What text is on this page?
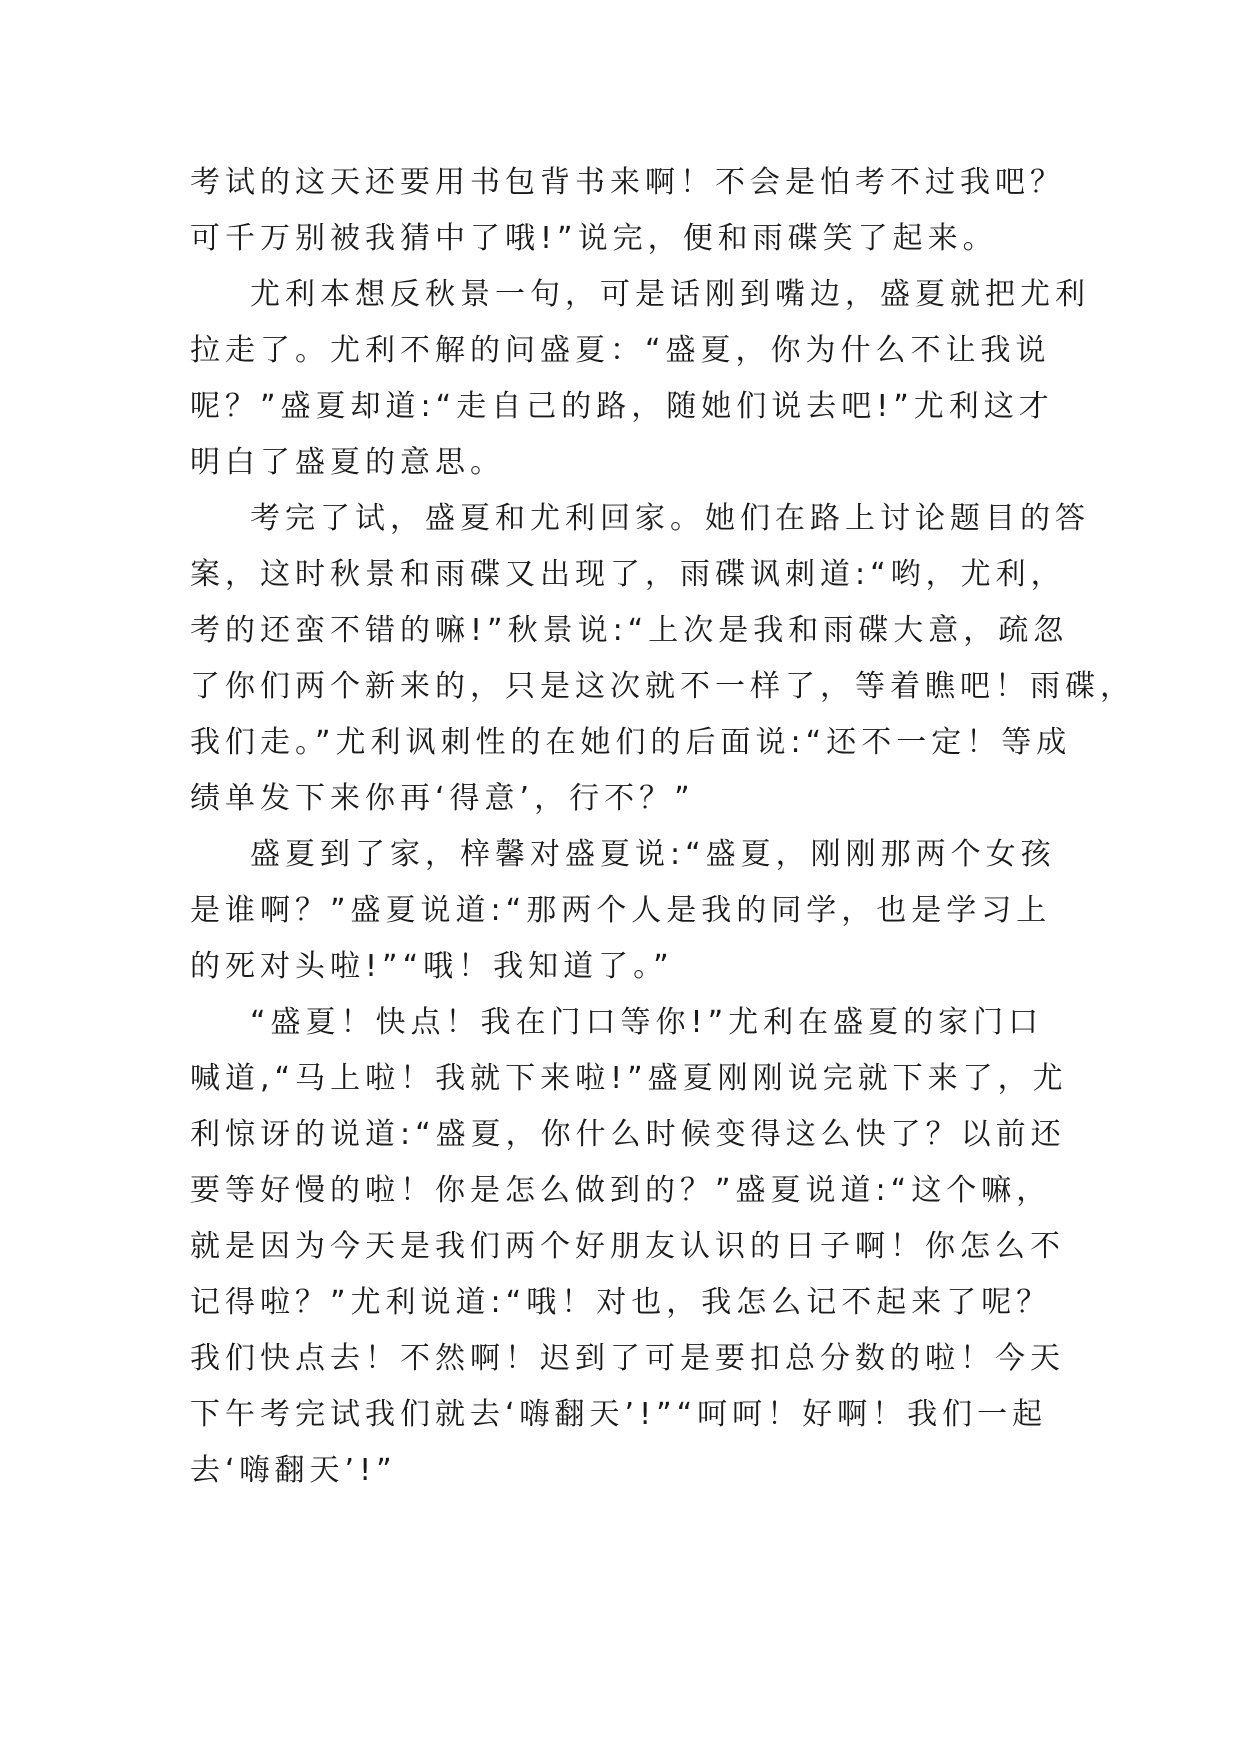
考试的这天还要用书包背书来啊！不会是怕考不过我吧？
可千万别被我猜中了哦!”说完，便和雨碟笑了起来。
尤利本想反秋景一句，可是话刚到嘴边，盛夏就把尤利
拉走了。尤利不解的问盛夏：“盛夏，你为什么不让我说
呢？”盛夏却道:“走自己的路，随她们说去吧!”尤利这才
明白了盛夏的意思。
考完了试，盛夏和尤利回家。她们在路上讨论题目的答
案，这时秋景和雨碟又出现了，雨碟讽刺道:“哟，尤利，
考的还蛮不错的嘛!”秋景说:“上次是我和雨碟大意，疏忽
了你们两个新来的，只是这次就不一样了，等着瞧吧！雨碟，
我们走。”尤利讽刺性的在她们的后面说:“还不一定！等成
绩单发下来你再‘得意’，行不？”
盛夏到了家，梓馨对盛夏说:“盛夏，刚刚那两个女孩
是谁啊？”盛夏说道:“那两个人是我的同学，也是学习上
的死对头啦!”“哦！我知道了。”
“盛夏！快点！我在门口等你!”尤利在盛夏的家门口
喊道,“马上啦！我就下来啦!”盛夏刚刚说完就下来了，尤
利惊讶的说道:“盛夏，你什么时候变得这么快了？以前还
要等好慢的啦！你是怎么做到的？”盛夏说道:“这个嘛，
就是因为今天是我们两个好朋友认识的日子啊！你怎么不
记得啦？”尤利说道:“哦！对也，我怎么记不起来了呢？
我们快点去！不然啊！迟到了可是要扣总分数的啦！今天
下午考完试我们就去‘嗨翻天’!”“呵呵！好啊！我们一起
去‘嗨翻天’!”
